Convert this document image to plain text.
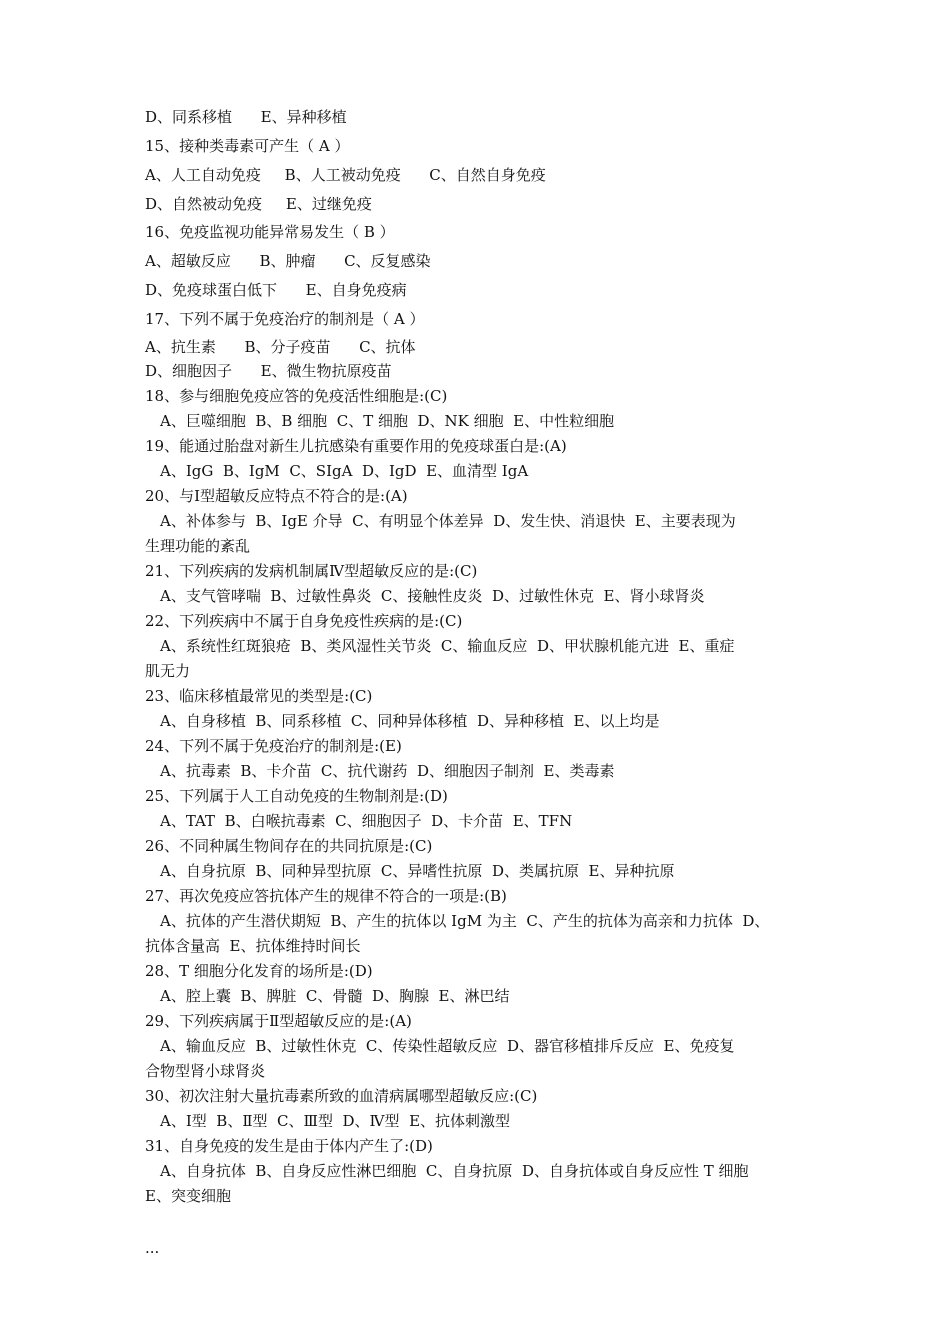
D、同系移植      E、异种移植

15、接种类毒素可产生（ A ）

A、人工自动免疫     B、人工被动免疫      C、自然自身免疫

D、自然被动免疫     E、过继免疫

16、免疫监视功能异常易发生（ B ）

A、超敏反应      B、肿瘤      C、反复感染

D、免疫球蛋白低下      E、自身免疫病

17、下列不属于免疫治疗的制剂是（ A ）

A、抗生素      B、分子疫苗      C、抗体

D、细胞因子      E、微生物抗原疫苗

18、参与细胞免疫应答的免疫活性细胞是:(C)

A、巨噬细胞  B、B 细胞  C、T 细胞  D、NK 细胞  E、中性粒细胞

19、能通过胎盘对新生儿抗感染有重要作用的免疫球蛋白是:(A)

A、IgG  B、IgM  C、SIgA  D、IgD  E、血清型 IgA

20、与Ⅰ型超敏反应特点不符合的是:(A)

A、补体参与  B、IgE 介导  C、有明显个体差异  D、发生快、消退快  E、主要表现为

生理功能的紊乱

21、下列疾病的发病机制属Ⅳ型超敏反应的是:(C)

A、支气管哮喘  B、过敏性鼻炎  C、接触性皮炎  D、过敏性休克  E、肾小球肾炎

22、下列疾病中不属于自身免疫性疾病的是:(C)

A、系统性红斑狼疮  B、类风湿性关节炎  C、输血反应  D、甲状腺机能亢进  E、重症

肌无力

23、临床移植最常见的类型是:(C)

A、自身移植  B、同系移植  C、同种异体移植  D、异种移植  E、以上均是

24、下列不属于免疫治疗的制剂是:(E)

A、抗毒素  B、卡介苗  C、抗代谢药  D、细胞因子制剂  E、类毒素

25、下列属于人工自动免疫的生物制剂是:(D)

A、TAT  B、白喉抗毒素  C、细胞因子  D、卡介苗  E、TFN

26、不同种属生物间存在的共同抗原是:(C)

A、自身抗原  B、同种异型抗原  C、异嗜性抗原  D、类属抗原  E、异种抗原

27、再次免疫应答抗体产生的规律不符合的一项是:(B)

A、抗体的产生潜伏期短  B、产生的抗体以 IgM 为主  C、产生的抗体为高亲和力抗体  D、

抗体含量高  E、抗体维持时间长

28、T 细胞分化发育的场所是:(D)

A、腔上囊  B、脾脏  C、骨髓  D、胸腺  E、淋巴结

29、下列疾病属于Ⅱ型超敏反应的是:(A)

A、输血反应  B、过敏性休克  C、传染性超敏反应  D、器官移植排斥反应  E、免疫复

合物型肾小球肾炎

30、初次注射大量抗毒素所致的血清病属哪型超敏反应:(C)

A、Ⅰ型  B、Ⅱ型  C、Ⅲ型  D、Ⅳ型  E、抗体刺激型

31、自身免疫的发生是由于体内产生了:(D)

A、自身抗体  B、自身反应性淋巴细胞  C、自身抗原  D、自身抗体或自身反应性 T 细胞

E、突变细胞

...
